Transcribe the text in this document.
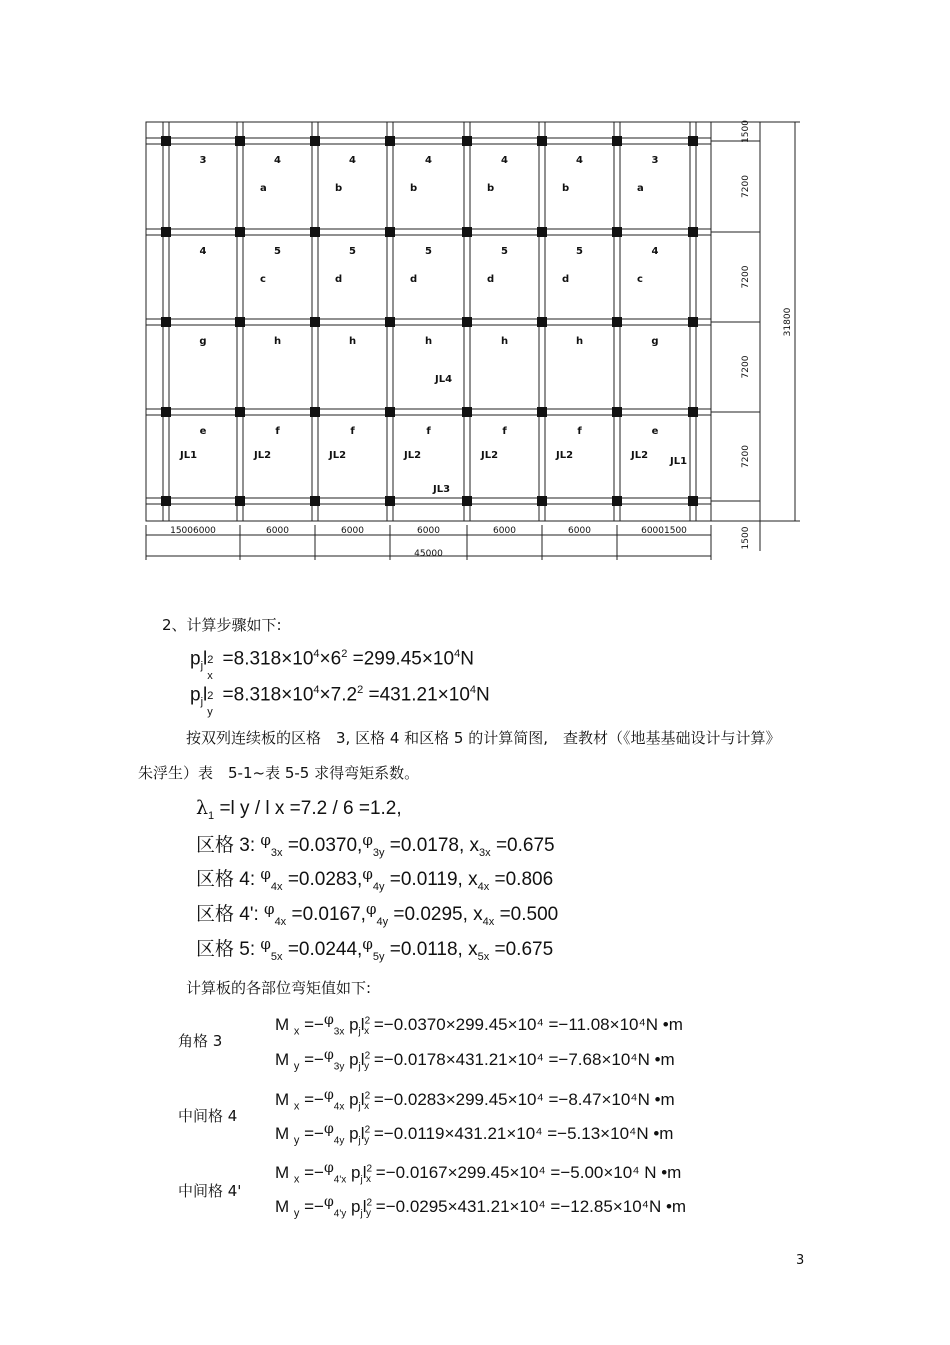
3	4
a
4
b
4
b
4
b
4
b
3
a
4	5
c
5
d
5
d
5
d
5
d
4
c
g	h	h	h
JL4
h	h	g
e
JL1
f
JL2
f
JL2
f
JL2
f
JL2
f
JL2
e
JL2
JL1
JL3
15006000	6000	6000	6000	6000	6000	60001500
45000
1500
7200
7200
7200
7200
1500
31800
2、计算步骤如下:
$p_jl$ 2
x
$=8.318\times 10^4\times 6^2 =299.45\times 10^4N$
$p_jl$ 2
y
$=8.318\times 10^4\times 7.2^2 =431.21\times 10^4N$
按双列连续板的区格　3, 区格 4 和区格 5 的计算简图,　查教材（《地基基础设计与计算》
朱浮生）表　5-1~表 5-5 求得弯矩系数。
$\lambda_1 =l$ y / l x =7.2 / 6 =1.2,
区格 3: $^\varphi_{3x}$ =0.0370,$^\varphi_{3y}$ =0.0178, $x_{3x} =0.675$
区格 4: $^\varphi_{4x}$ =0.0283,$^\varphi_{4y}$ =0.0119, $x_{4x} =0.806$
区格 4': $^\varphi_{4x}$ =0.0167,$^\varphi_{4y}$ =0.0295, $x_{4x} =0.500$
区格 5: $^\varphi_{5x}$ =0.0244,$^\varphi_{5y}$ =0.0118, $x_{5x} =0.675$
计算板的各部位弯矩值如下:
角格 3
M $_x$ =−$^\varphi_{3x}$ $p_jl^2_x =-0.0370\times 299.45\times 10^4 =-11.08\times 10^4N$ •m
M $_y$ =−$^\varphi_{3y}$ $p_jl^2_y =-0.0178\times 431.21\times 10^4 =-7.68\times 10^4N$ •m
中间格 4
M $_x$ =−$^\varphi_{4x}$ $p_jl^2_x =-0.0283\times 299.45\times 10^4 =-8.47\times 10^4N$ •m
M $_y$ =−$^\varphi_{4y}$ $p_jl^2_y =-0.0119\times 431.21\times 10^4 =-5.13\times 10^4N$ •m
中间格 4'
M $_x$ =−$^\varphi_{4'x}$ $p_jl^2_x =-0.0167\times 299.45\times 10^4 =-5.00\times 10^4$ N •m
M $_y$ =−$^\varphi_{4'y}$ $p_jl^2_y =-0.0295\times 431.21\times 10^4 =-12.85\times 10^4N$ •m
3
